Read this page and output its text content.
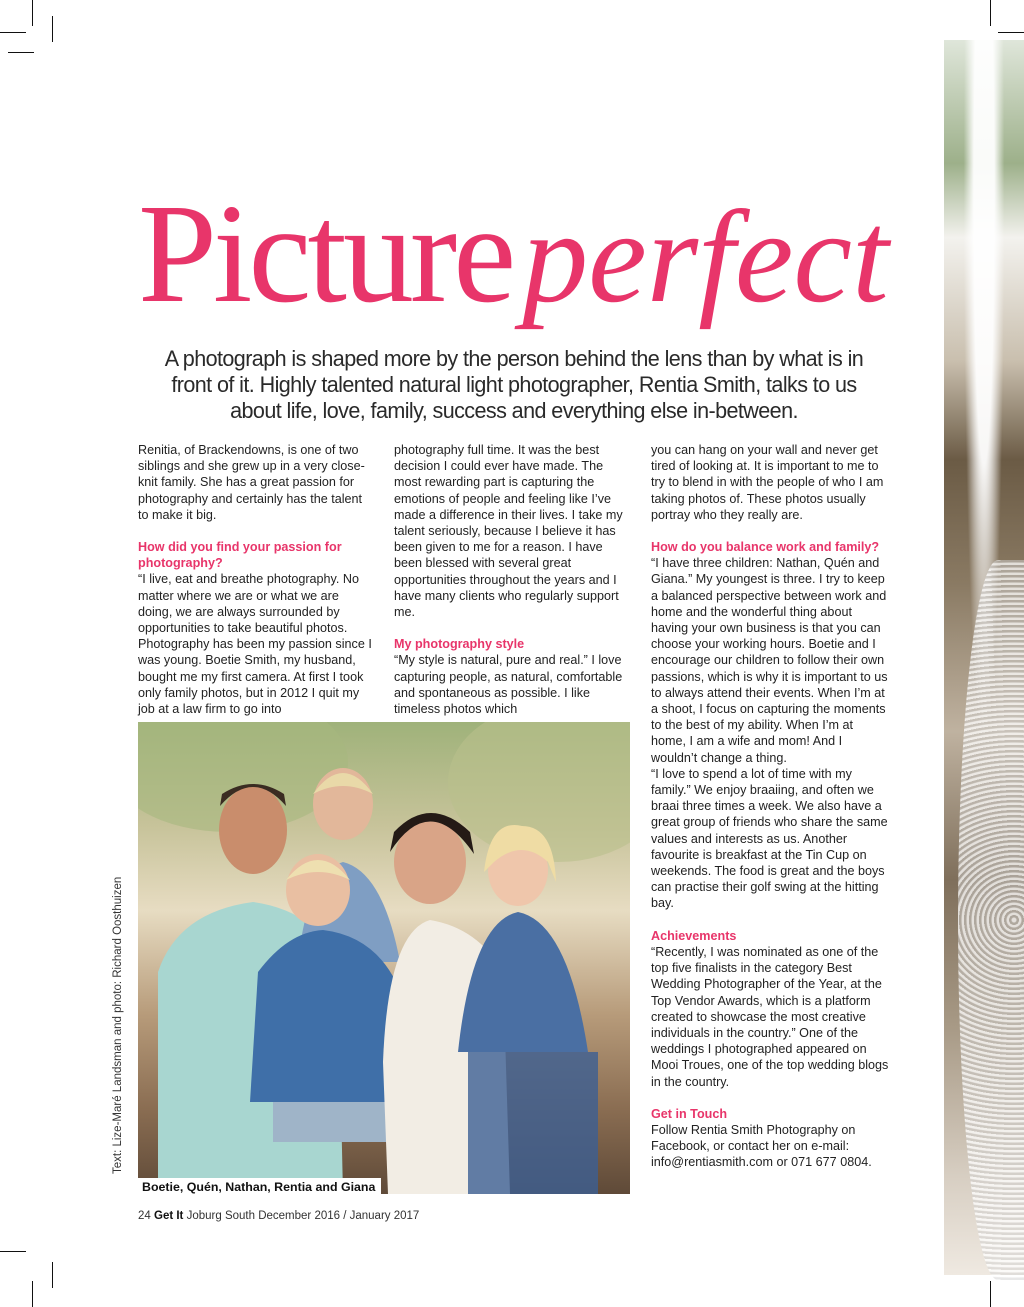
Pictureperfect
A photograph is shaped more by the person behind the lens than by what is in front of it. Highly talented natural light photographer, Rentia Smith, talks to us about life, love, family, success and everything else in-between.

Renitia, of Brackendowns, is one of two siblings and she grew up in a very close-knit family. She has a great passion for photography and certainly has the talent to make it big.

How did you find your passion for photography?

“I live, eat and breathe photography. No matter where we are or what we are doing, we are always surrounded by opportunities to take beautiful photos. Photography has been my passion since I was young. Boetie Smith, my husband, bought me my first camera. At first I took only family photos, but in 2012 I quit my job at a law firm to go into

photography full time. It was the best decision I could ever have made. The most rewarding part is capturing the emotions of people and feeling like I’ve made a difference in their lives. I take my talent seriously, because I believe it has been given to me for a reason. I have been blessed with several great opportunities throughout the years and I have many clients who regularly support me.

My photography style

“My style is natural, pure and real.” I love capturing people, as natural, comfortable and spontaneous as possible. I like timeless photos which

you can hang on your wall and never get tired of looking at. It is important to me to try to blend in with the people of who I am taking photos of. These photos usually portray who they really are.

How do you balance work and family?

“I have three children: Nathan, Quén and Giana.” My youngest is three. I try to keep a balanced perspective between work and home and the wonderful thing about having your own business is that you can choose your working hours. Boetie and I encourage our children to follow their own passions, which is why it is important to us to always attend their events. When I’m at a shoot, I focus on capturing the moments to the best of my ability. When I’m at home, I am a wife and mom! And I wouldn’t change a thing.

“I love to spend a lot of time with my family.” We enjoy braaiing, and often we braai three times a week. We also have a great group of friends who share the same values and interests as us. Another favourite is breakfast at the Tin Cup on weekends. The food is great and the boys can practise their golf swing at the hitting bay.

Achievements

“Recently, I was nominated as one of the top five finalists in the category Best Wedding Photographer of the Year, at the Top Vendor Awards, which is a platform created to showcase the most creative individuals in the country.” One of the weddings I photographed appeared on Mooi Troues, one of the top wedding blogs in the country.

Get in Touch

Follow Rentia Smith Photography on Facebook, or contact her on e-mail: info@rentiasmith.com or 071 677 0804.

Boetie, Quén, Nathan, Rentia and Giana
Text: Lize-Maré Landsman and photo: Richard Oosthuizen
24 Get It Joburg South December 2016 / January 2017
